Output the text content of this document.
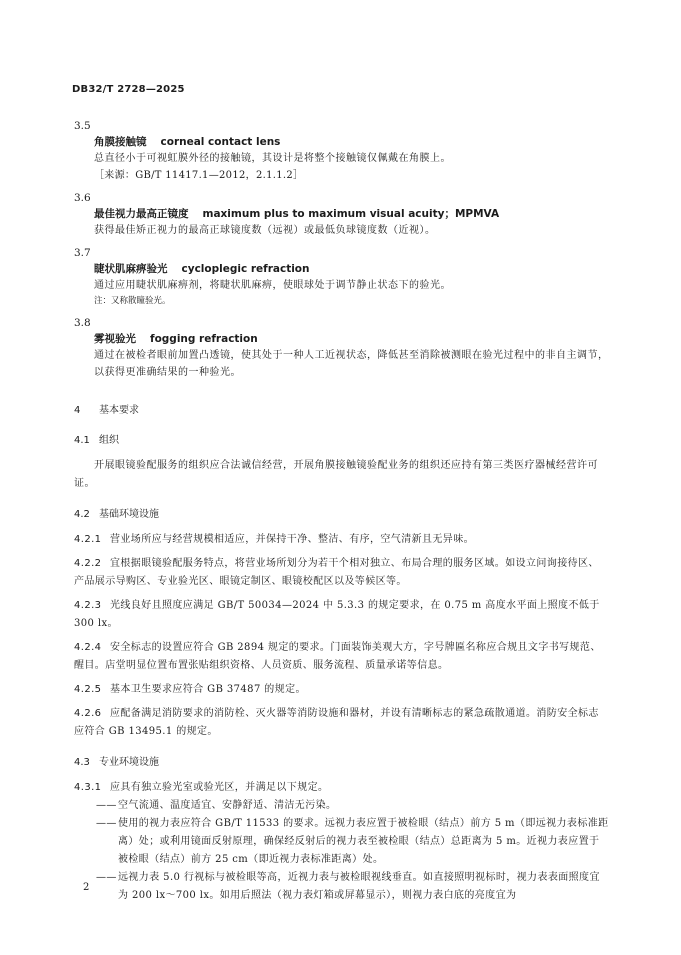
DB32/T 2728—2025
3.5
角膜接触镜 corneal contact lens
总直径小于可视虹膜外径的接触镜，其设计是将整个接触镜仅佩戴在角膜上。
［来源：GB/T 11417.1—2012，2.1.1.2］
3.6
最佳视力最高正镜度 maximum plus to maximum visual acuity；MPMVA
获得最佳矫正视力的最高正球镜度数（远视）或最低负球镜度数（近视）。
3.7
睫状肌麻痹验光 cycloplegic refraction
通过应用睫状肌麻痹剂，将睫状肌麻痹，使眼球处于调节静止状态下的验光。
注：又称散瞳验光。
3.8
雾视验光 fogging refraction
通过在被检者眼前加置凸透镜，使其处于一种人工近视状态，降低甚至消除被测眼在验光过程中的非自主调节，以获得更准确结果的一种验光。
4 基本要求
4.1 组织
开展眼镜验配服务的组织应合法诚信经营，开展角膜接触镜验配业务的组织还应持有第三类医疗器械经营许可证。
4.2 基础环境设施
4.2.1 营业场所应与经营规模相适应，并保持干净、整洁、有序，空气清新且无异味。
4.2.2 宜根据眼镜验配服务特点，将营业场所划分为若干个相对独立、布局合理的服务区域。如设立问询接待区、产品展示导购区、专业验光区、眼镜定制区、眼镜校配区以及等候区等。
4.2.3 光线良好且照度应满足 GB/T 50034—2024 中 5.3.3 的规定要求，在 0.75 m 高度水平面上照度不低于 300 lx。
4.2.4 安全标志的设置应符合 GB 2894 规定的要求。门面装饰美观大方，字号牌匾名称应合规且文字书写规范、醒目。店堂明显位置布置张贴组织资格、人员资质、服务流程、质量承诺等信息。
4.2.5 基本卫生要求应符合 GB 37487 的规定。
4.2.6 应配备满足消防要求的消防栓、灭火器等消防设施和器材，并设有清晰标志的紧急疏散通道。消防安全标志应符合 GB 13495.1 的规定。
4.3 专业环境设施
4.3.1 应具有独立验光室或验光区，并满足以下规定。
——空气流通、温度适宜、安静舒适、清洁无污染。
——使用的视力表应符合 GB/T 11533 的要求。远视力表应置于被检眼（结点）前方 5 m（即远视力表标准距离）处；或利用镜面反射原理，确保经反射后的视力表至被检眼（结点）总距离为 5 m。近视力表应置于被检眼（结点）前方 25 cm（即近视力表标准距离）处。
——远视力表 5.0 行视标与被检眼等高，近视力表与被检眼视线垂直。如直接照明视标时，视力表表面照度宜为 200 lx～700 lx。如用后照法（视力表灯箱或屏幕显示），则视力表白底的亮度宜为
2
